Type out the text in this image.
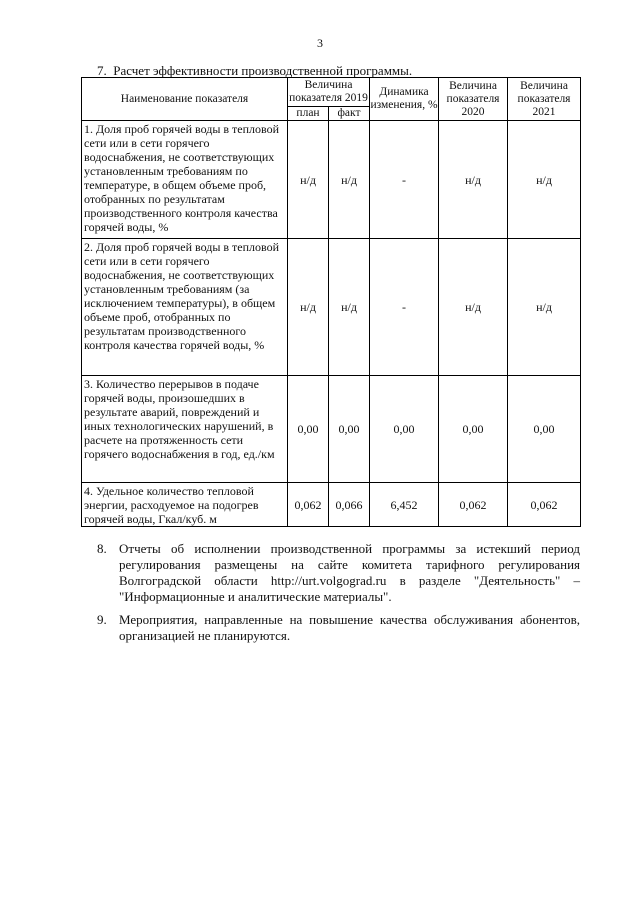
3
7. Расчет эффективности производственной программы.
Наименование показателя	Величина показателя 2019		Динамика изменения, %	Величина показателя 2020	Величина показателя 2021
	план	факт			
1. Доля проб горячей воды в тепловой сети или в сети горячего водоснабжения, не соответствующих установленным требованиям по температуре, в общем объеме проб, отобранных по результатам производственного контроля качества горячей воды, %	н/д	н/д	-	н/д	н/д
2. Доля проб горячей воды в тепловой сети или в сети горячего водоснабжения, не соответствующих установленным требованиям (за исключением температуры), в общем объеме проб, отобранных по результатам производственного контроля качества горячей воды, %	н/д	н/д	-	н/д	н/д
3. Количество перерывов в подаче горячей воды, произошедших в результате аварий, повреждений и иных технологических нарушений, в расчете на протяженность сети горячего водоснабжения в год, ед./км	0,00	0,00	0,00	0,00	0,00
4. Удельное количество тепловой энергии, расходуемое на подогрев горячей воды, Гкал/куб. м	0,062	0,066	6,452	0,062	0,062
8. Отчеты об исполнении производственной программы за истекший период регулирования размещены на сайте комитета тарифного регулирования Волгоградской области http://urt.volgograd.ru в разделе "Деятельность" – "Информационные и аналитические материалы".
9. Мероприятия, направленные на повышение качества обслуживания абонентов, организацией не планируются.
